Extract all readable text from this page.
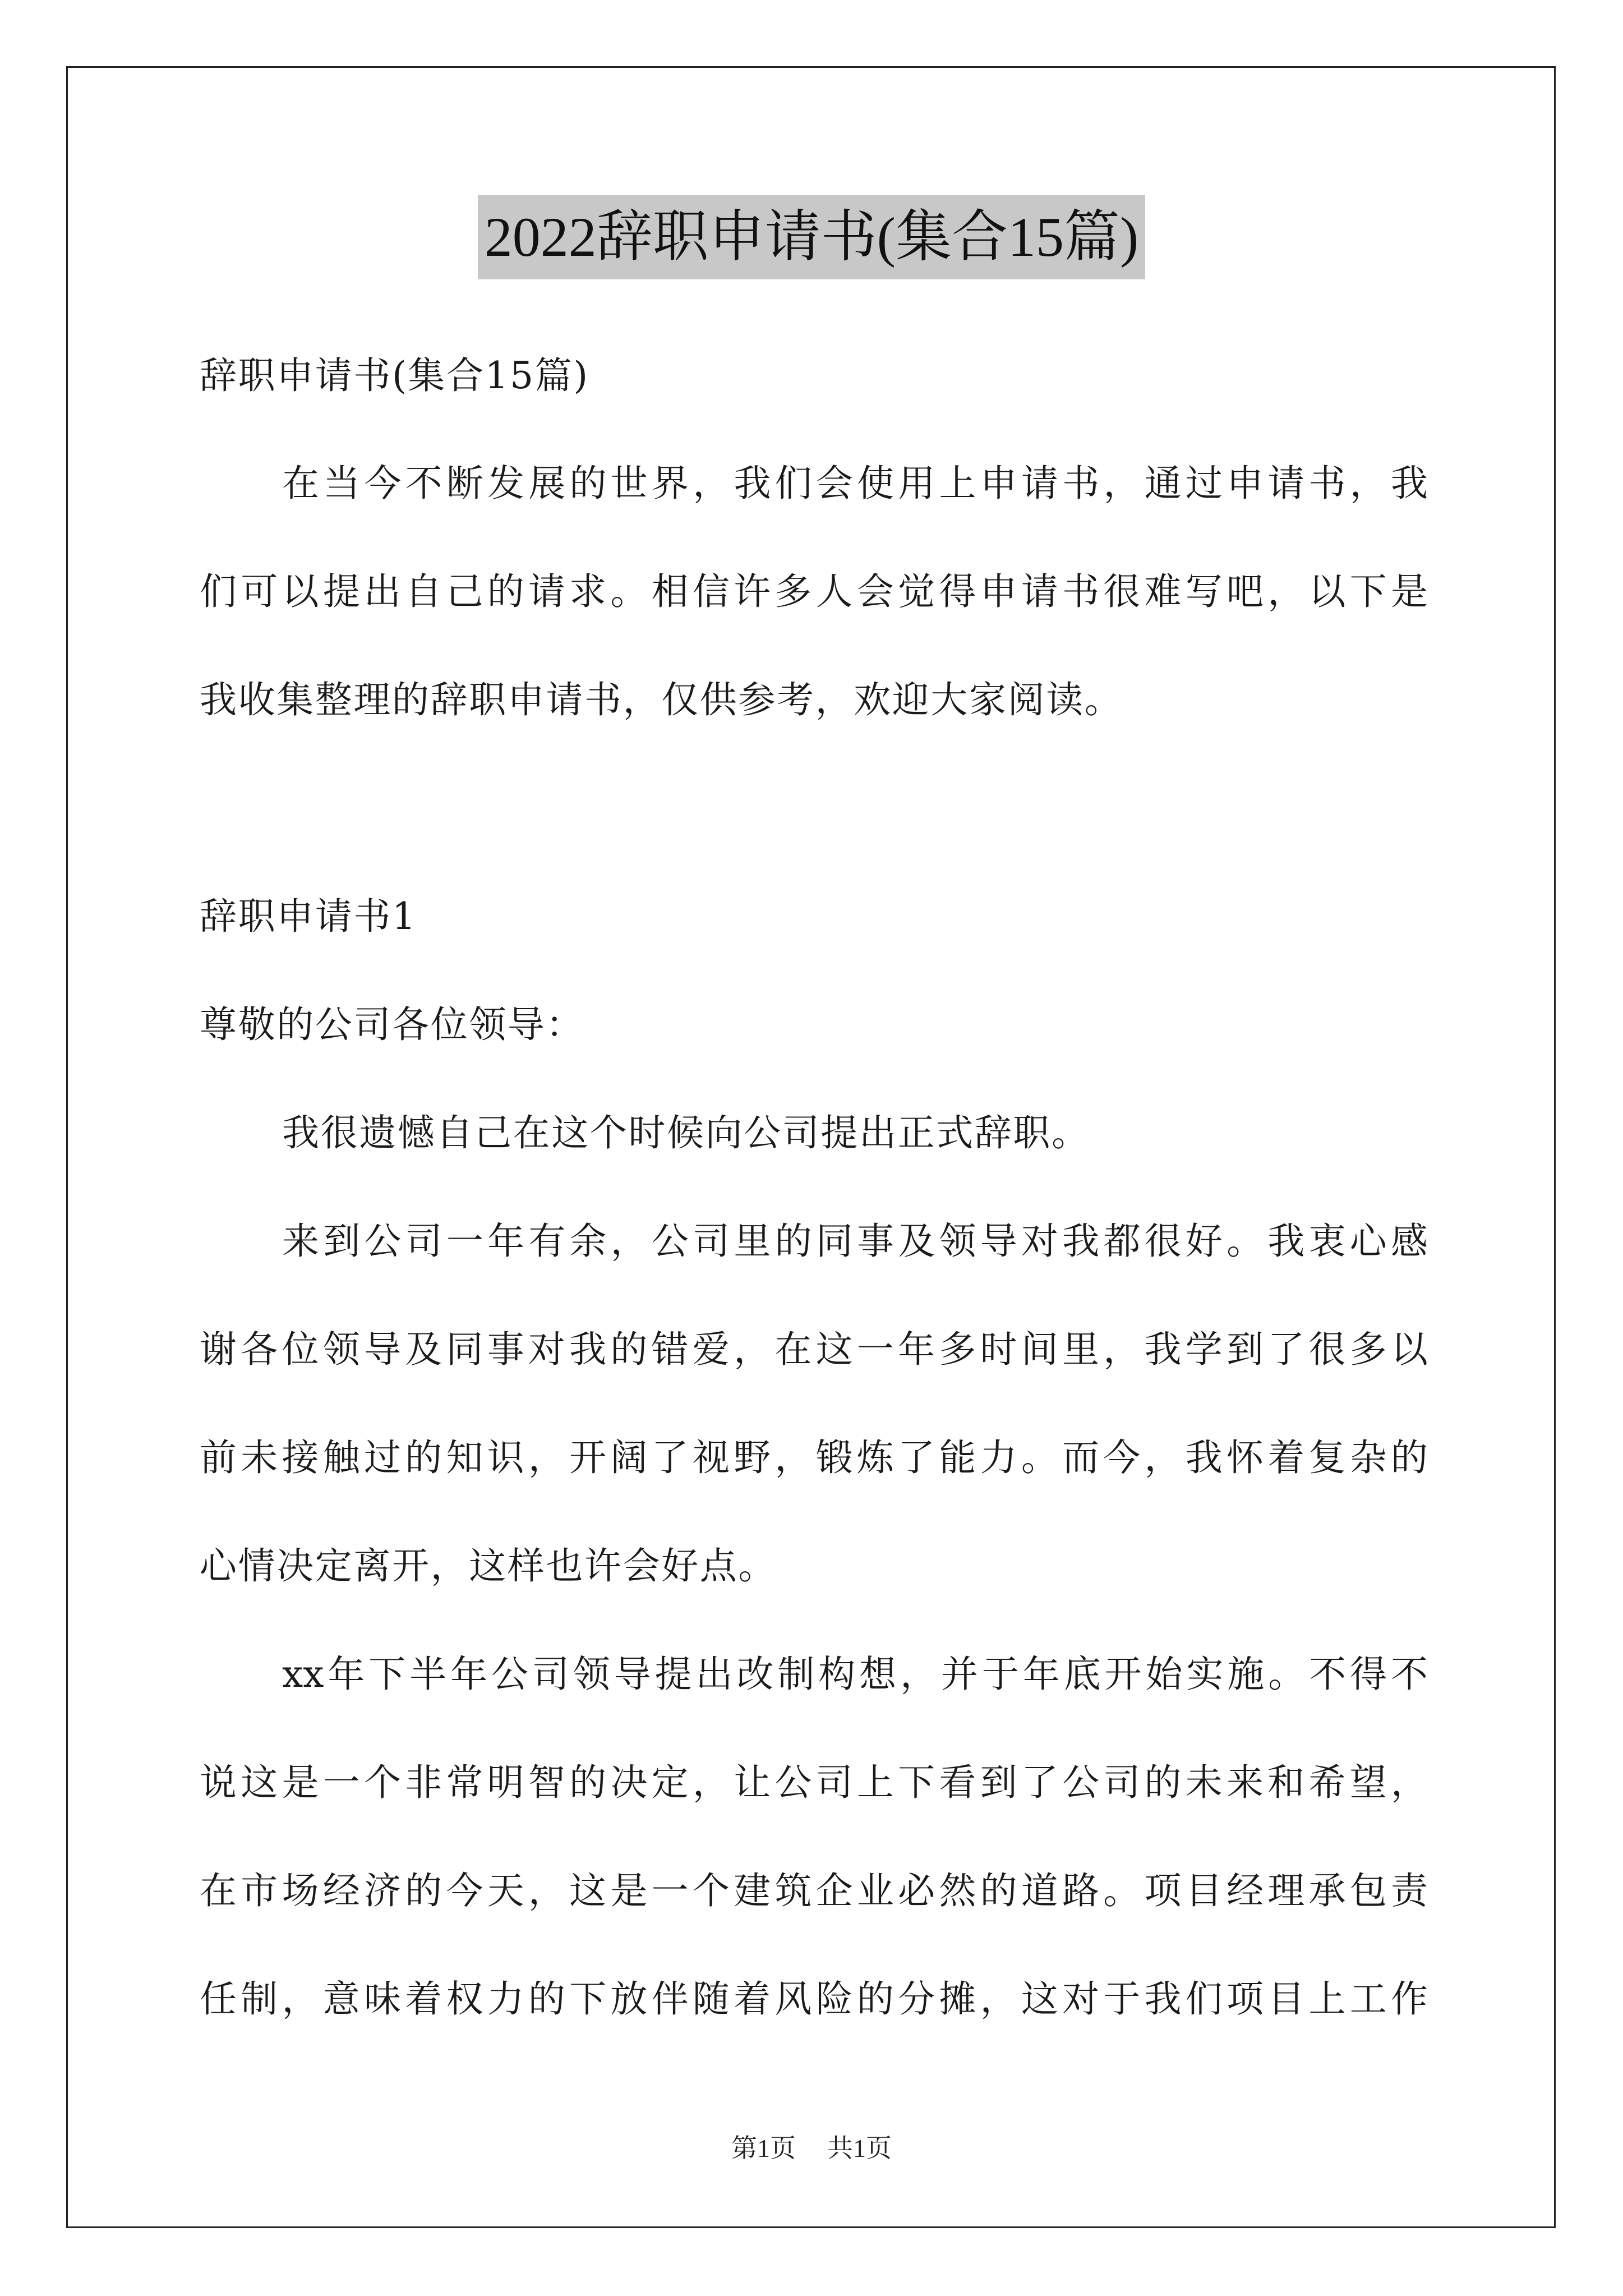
2022辞职申请书(集合15篇)
辞职申请书(集合15篇)
在当今不断发展的世界，我们会使用上申请书，通过申请书，我
们可以提出自己的请求。相信许多人会觉得申请书很难写吧，以下是
我收集整理的辞职申请书，仅供参考，欢迎大家阅读。
辞职申请书1
尊敬的公司各位领导：
我很遗憾自己在这个时候向公司提出正式辞职。
来到公司一年有余，公司里的同事及领导对我都很好。我衷心感
谢各位领导及同事对我的错爱，在这一年多时间里，我学到了很多以
前未接触过的知识，开阔了视野，锻炼了能力。而今，我怀着复杂的
心情决定离开，这样也许会好点。
xx年下半年公司领导提出改制构想，并于年底开始实施。不得不
说这是一个非常明智的决定，让公司上下看到了公司的未来和希望，
在市场经济的今天，这是一个建筑企业必然的道路。项目经理承包责
任制，意味着权力的下放伴随着风险的分摊，这对于我们项目上工作
第1页 共1页
